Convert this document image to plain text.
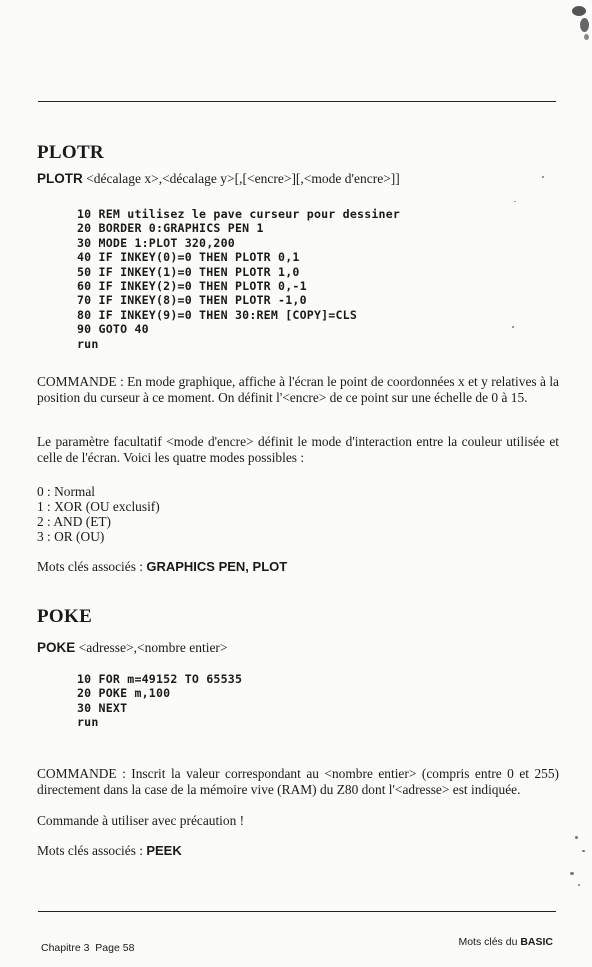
PLOTR
PLOTR <décalage x>,<décalage y>[,[<encre>][,<mode d'encre>]]
10 REM utilisez le pave curseur pour dessiner
20 BORDER 0:GRAPHICS PEN 1
30 MODE 1:PLOT 320,200
40 IF INKEY(0)=0 THEN PLOTR 0,1
50 IF INKEY(1)=0 THEN PLOTR 1,0
60 IF INKEY(2)=0 THEN PLOTR 0,-1
70 IF INKEY(8)=0 THEN PLOTR -1,0
80 IF INKEY(9)=0 THEN 30:REM [COPY]=CLS
90 GOTO 40
run

COMMANDE : En mode graphique, affiche à l'écran le point de coordonnées x et y relatives à la position du curseur à ce moment. On définit l'<encre> de ce point sur une échelle de 0 à 15.

Le paramètre facultatif <mode d'encre> définit le mode d'interaction entre la couleur utilisée et celle de l'écran. Voici les quatre modes possibles :

0 : Normal
1 : XOR (OU exclusif)
2 : AND (ET)
3 : OR (OU)
Mots clés associés : GRAPHICS PEN, PLOT
POKE
POKE <adresse>,<nombre entier>
10 FOR m=49152 TO 65535
20 POKE m,100
30 NEXT
run

COMMANDE : Inscrit la valeur correspondant au <nombre entier> (compris entre 0 et 255) directement dans la case de la mémoire vive (RAM) du Z80 dont l'<adresse> est indiquée.

Commande à utiliser avec précaution !

Mots clés associés : PEEK
Chapitre 3 Page 58	Mots clés du BASIC
